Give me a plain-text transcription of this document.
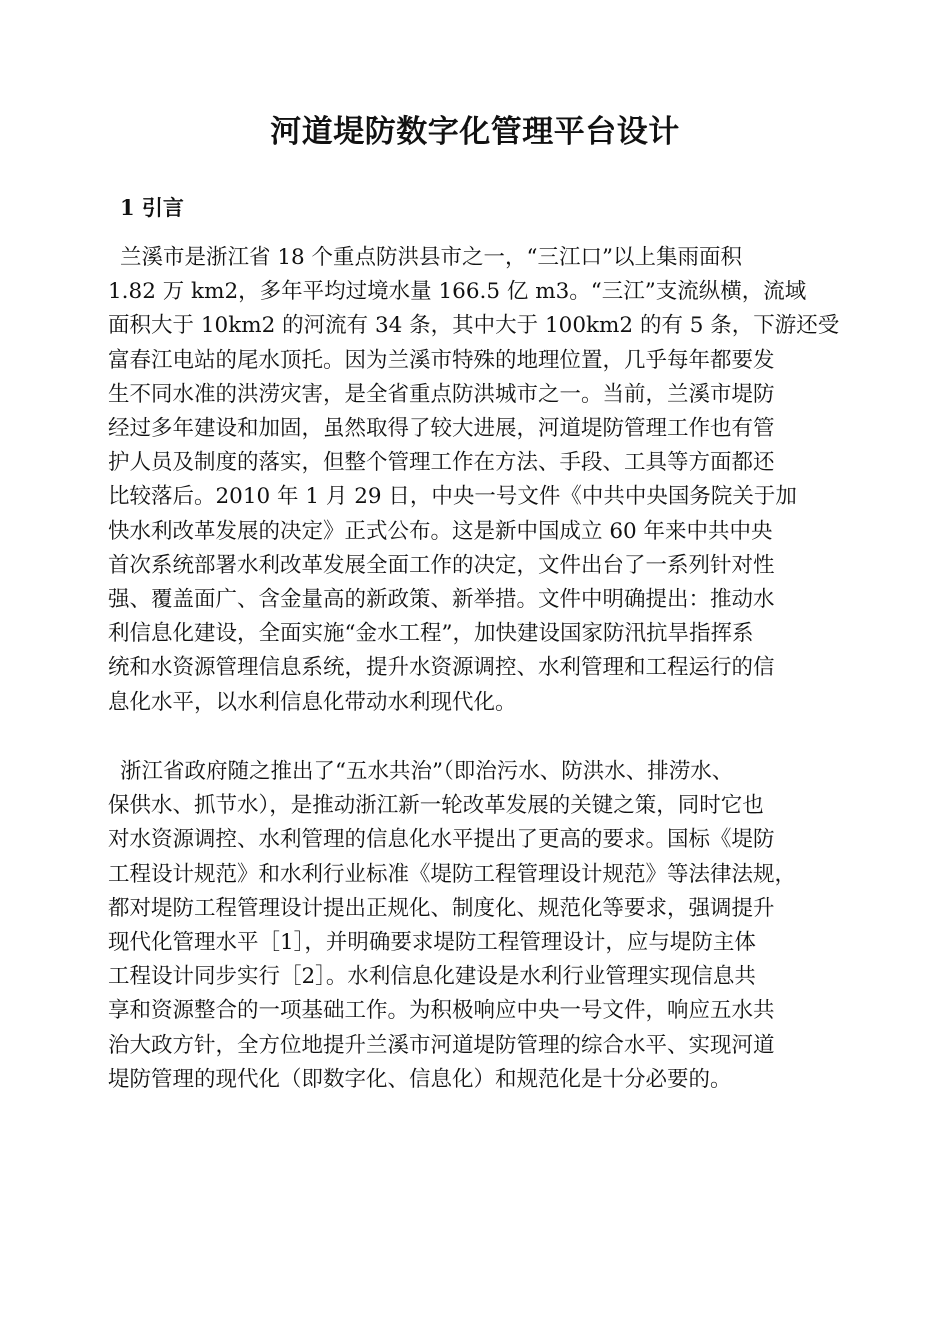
河道堤防数字化管理平台设计
1 引言

兰溪市是浙江省 18 个重点防洪县市之一，“三江口”以上集雨面积
1.82 万 km2，多年平均过境水量 166.5 亿 m3。“三江”支流纵横，流域
面积大于 10km2 的河流有 34 条，其中大于 100km2 的有 5 条，下游还受
富春江电站的尾水顶托。因为兰溪市特殊的地理位置，几乎每年都要发
生不同水准的洪涝灾害，是全省重点防洪城市之一。当前，兰溪市堤防
经过多年建设和加固，虽然取得了较大进展，河道堤防管理工作也有管
护人员及制度的落实，但整个管理工作在方法、手段、工具等方面都还
比较落后。2010 年 1 月 29 日，中央一号文件《中共中央国务院关于加
快水利改革发展的决定》正式公布。这是新中国成立 60 年来中共中央
首次系统部署水利改革发展全面工作的决定，文件出台了一系列针对性
强、覆盖面广、含金量高的新政策、新举措。文件中明确提出：推动水
利信息化建设，全面实施“金水工程”，加快建设国家防汛抗旱指挥系
统和水资源管理信息系统，提升水资源调控、水利管理和工程运行的信
息化水平，以水利信息化带动水利现代化。

浙江省政府随之推出了“五水共治”（即治污水、防洪水、排涝水、
保供水、抓节水），是推动浙江新一轮改革发展的关键之策，同时它也
对水资源调控、水利管理的信息化水平提出了更高的要求。国标《堤防
工程设计规范》和水利行业标准《堤防工程管理设计规范》等法律法规，
都对堤防工程管理设计提出正规化、制度化、规范化等要求，强调提升
现代化管理水平［1］，并明确要求堤防工程管理设计，应与堤防主体
工程设计同步实行［2］。水利信息化建设是水利行业管理实现信息共
享和资源整合的一项基础工作。为积极响应中央一号文件，响应五水共
治大政方针，全方位地提升兰溪市河道堤防管理的综合水平、实现河道
堤防管理的现代化（即数字化、信息化）和规范化是十分必要的。
